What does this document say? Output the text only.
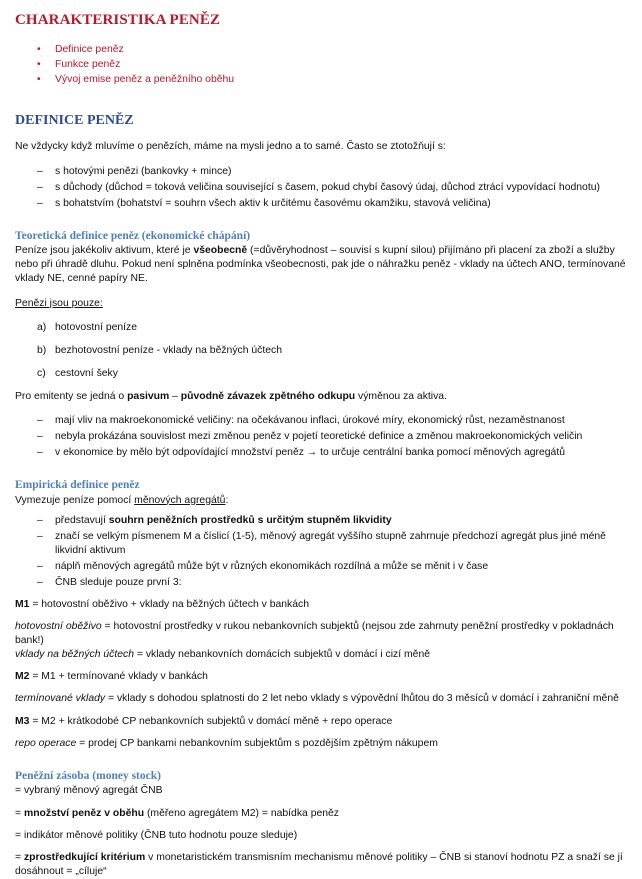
CHARAKTERISTIKA PENĚZ
• Definice peněz
• Funkce peněz
• Vývoj emise peněz a peněžního oběhu
DEFINICE PENĚZ

Ne vždycky když mluvíme o penězích, máme na mysli jedno a to samé. Často se ztotožňují s:

– s hotovými penězi (bankovky + mince)
– s důchody (důchod = toková veličina související s časem, pokud chybí časový údaj, důchod ztrácí vypovídací hodnotu)
– s bohatstvím (bohatství = souhrn všech aktiv k určitému časovému okamžiku, stavová veličina)
Teoretická definice peněz (ekonomické chápání)

Peníze jsou jakékoliv aktivum, které je všeobecně (=důvěryhodnost – souvisí s kupní silou) přijímáno při placení za zboží a služby nebo při úhradě dluhu. Pokud není splněna podmínka všeobecnosti, pak jde o náhražku peněz - vklady na účtech ANO, termínované vklady NE, cenné papíry NE.

Penězi jsou pouze:

a) hotovostní peníze
b) bezhotovostní peníze - vklady na běžných účtech
c) cestovní šeky

Pro emitenty se jedná o pasivum – původně závazek zpětného odkupu výměnou za aktiva.

– mají vliv na makroekonomické veličiny: na očekávanou inflaci, úrokové míry, ekonomický růst, nezaměstnanost
– nebyla prokázána souvislost mezi změnou peněz v pojetí teoretické definice a změnou makroekonomických veličin
– v ekonomice by mělo být odpovídající množství peněz → to určuje centrální banka pomocí měnových agregátů
Empirická definice peněz

Vymezuje peníze pomocí měnových agregátů:

– představují souhrn peněžních prostředků s určitým stupněm likvidity
– značí se velkým písmenem M a číslicí (1-5), měnový agregát vyššího stupně zahrnuje předchozí agregát plus jiné méně likvidní aktivum
– náplň měnových agregátů může být v různých ekonomikách rozdílná a může se měnit i v čase
– ČNB sleduje pouze první 3:

M1 = hotovostní oběživo + vklady na běžných účtech v bankách

hotovostní oběživo = hotovostní prostředky v rukou nebankovních subjektů (nejsou zde zahrnuty peněžní prostředky v pokladnách bank!)

vklady na běžných účtech = vklady nebankovních domácích subjektů v domácí i cizí měně

M2 = M1 + termínované vklady v bankách

termínované vklady = vklady s dohodou splatnosti do 2 let nebo vklady s výpovědní lhůtou do 3 měsíců v domácí i zahraniční měně

M3 = M2 + krátkodobé CP nebankovních subjektů v domácí měně + repo operace

repo operace = prodej CP bankami nebankovním subjektům s pozdějším zpětným nákupem

Peněžní zásoba (money stock)

= vybraný měnový agregát ČNB

= množství peněz v oběhu (měřeno agregátem M2) = nabídka peněz

= indikátor měnové politiky (ČNB tuto hodnotu pouze sleduje)

= zprostředkující kritérium v monetaristickém transmisním mechanismu měnové politiky – ČNB si stanoví hodnotu PZ a snaží se jí dosáhnout = „cíluje“
